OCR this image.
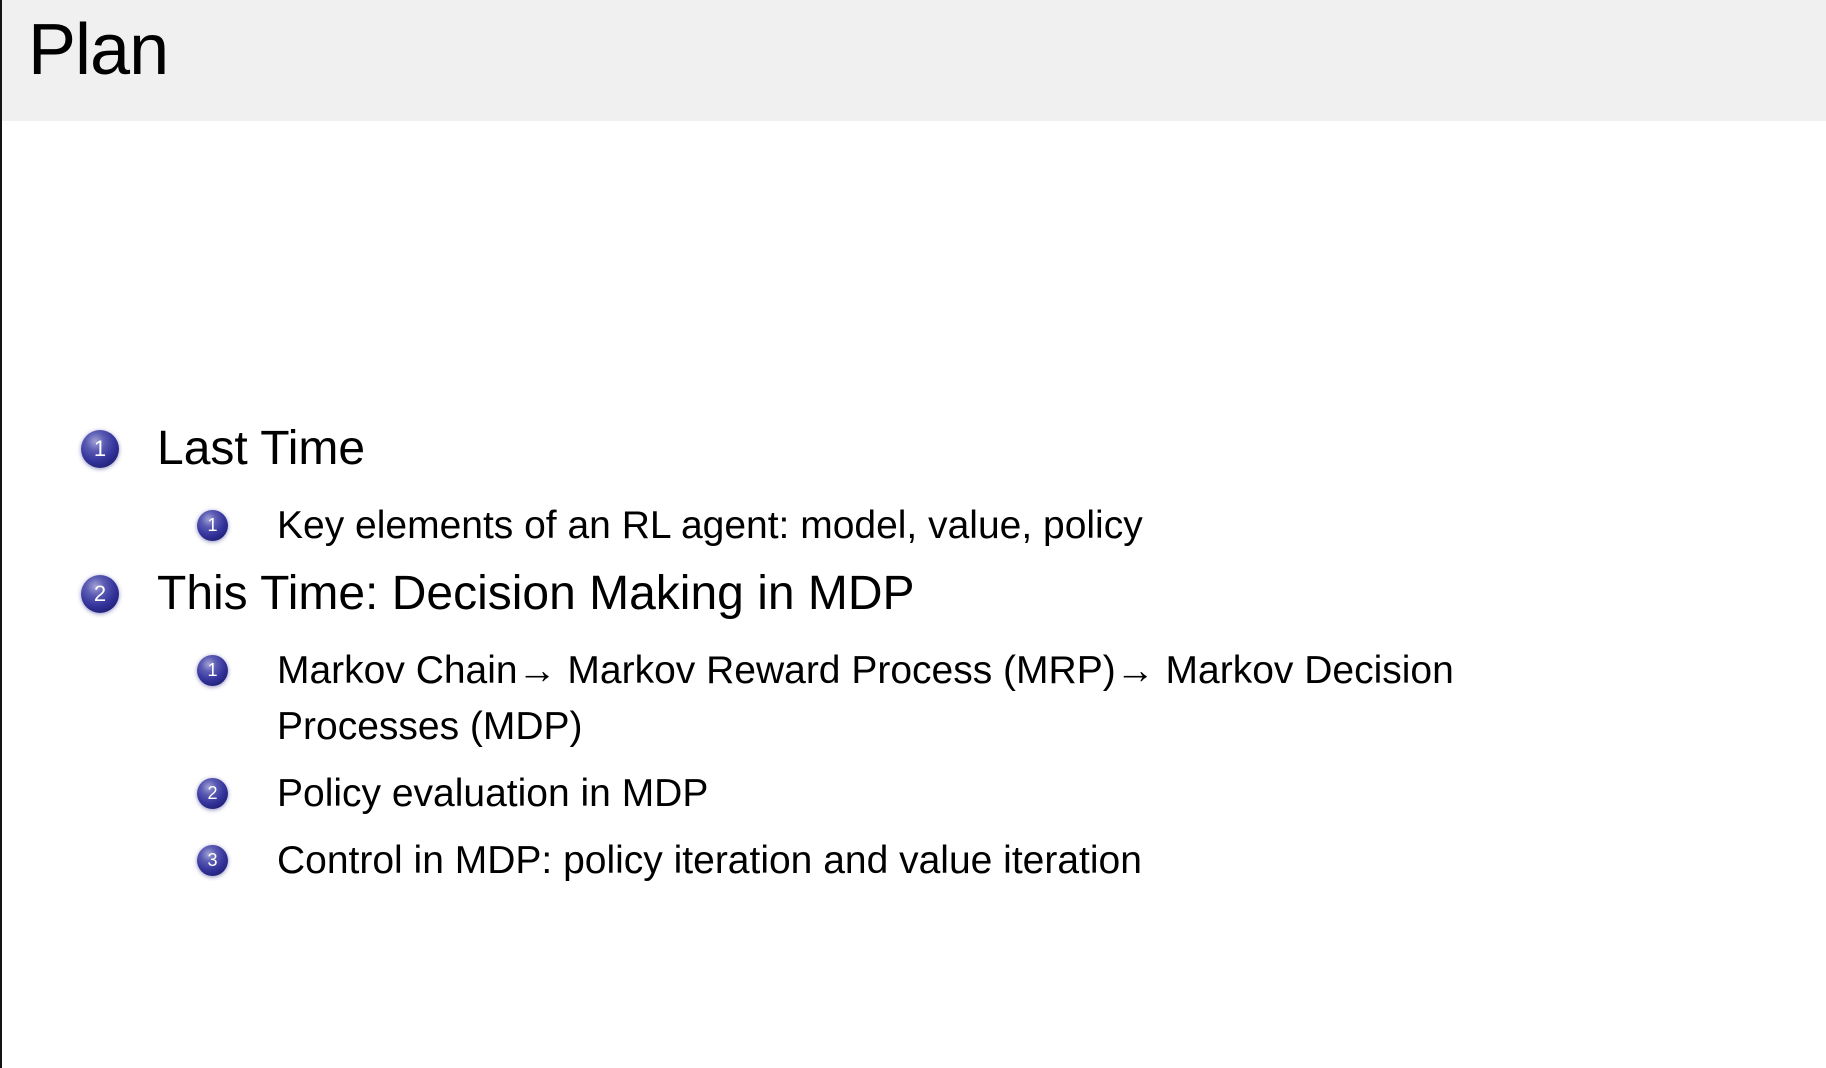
Plan
1 Last Time
1 Key elements of an RL agent: model, value, policy
2 This Time: Decision Making in MDP
1 Markov Chain→ Markov Reward Process (MRP)→ Markov Decision Processes (MDP)
2 Policy evaluation in MDP
3 Control in MDP: policy iteration and value iteration
